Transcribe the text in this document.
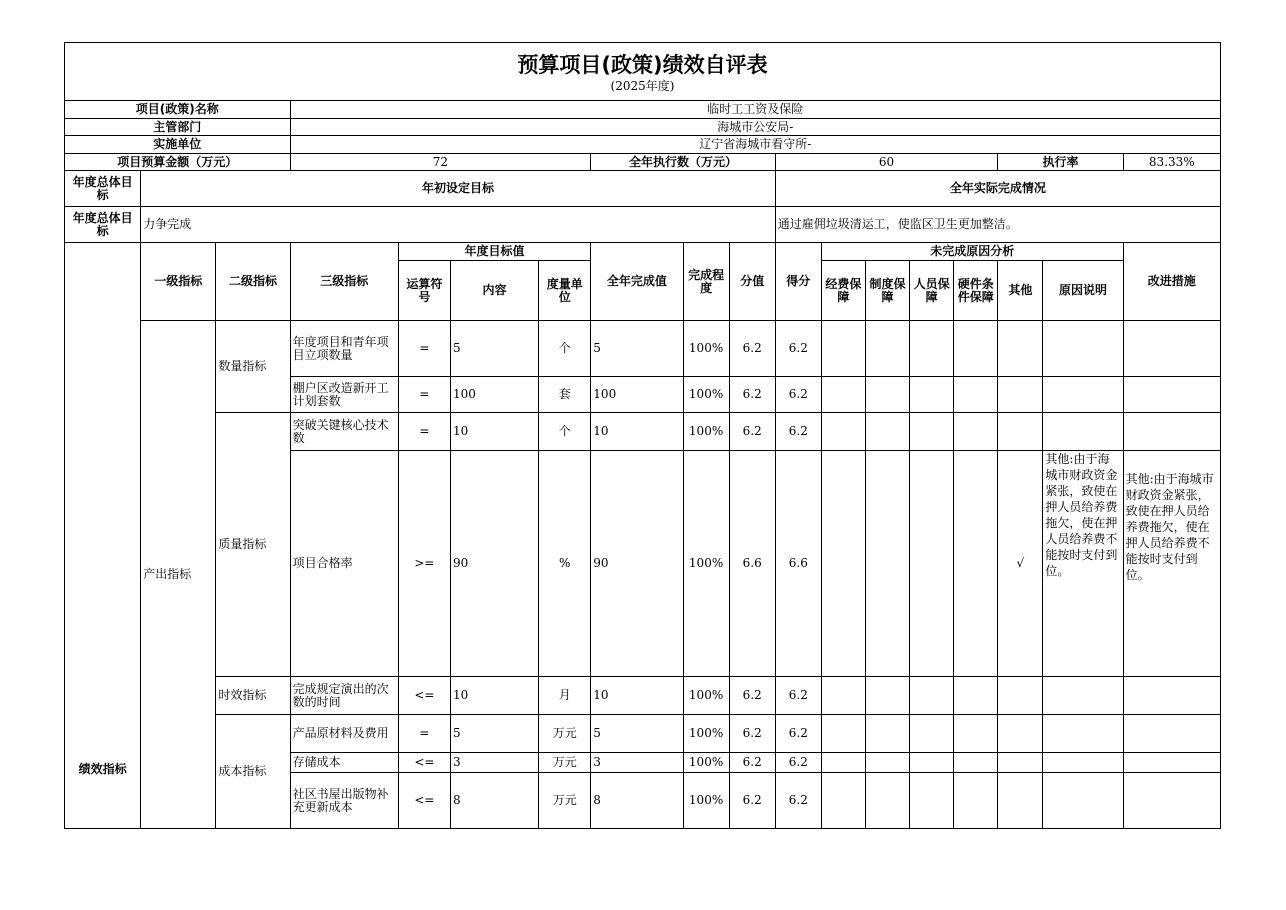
预算项目(政策)绩效自评表
(2025年度)																	

项目(政策)名称			临时工工资及保险														
主管部门			海城市公安局-														
实施单位			辽宁省海城市看守所-														
项目预算金额（万元）			72				全年执行数（万元）			60					执行率		83.33%
年度总体目标	年初设定目标									全年实际完成情况							
年度总体目标	力争完成									通过雇佣垃圾清运工，使监区卫生更加整洁。							

绩效指标	一级指标	二级指标	三级指标	年度目标值			全年完成值	完成程度	分值	得分	未完成原因分析						改进措施
				运算符号	内容	度量单位					经费保障	制度保障	人员保障	硬件条件保障	其他	原因说明	
	产出指标	数量指标	年度项目和青年项目立项数量	=	5	个	5	100%	6.2	6.2							
			棚户区改造新开工计划套数	=	100	套	100	100%	6.2	6.2							
		质量指标	突破关键核心技术数	=	10	个	10	100%	6.2	6.2							
			项目合格率	>=	90	%	90	100%	6.6	6.6					√	其他:由于海城市财政资金紧张，致使在押人员给养费拖欠，使在押人员给养费不能按时支付到位。	其他:由于海城市财政资金紧张，致使在押人员给养费拖欠，使在押人员给养费不能按时支付到位。
		时效指标	完成规定演出的次数的时间	<=	10	月	10	100%	6.2	6.2							
		成本指标	产品原材料及费用	=	5	万元	5	100%	6.2	6.2							
			存储成本	<=	3	万元	3	100%	6.2	6.2							
			社区书屋出版物补充更新成本	<=	8	万元	8	100%	6.2	6.2							
